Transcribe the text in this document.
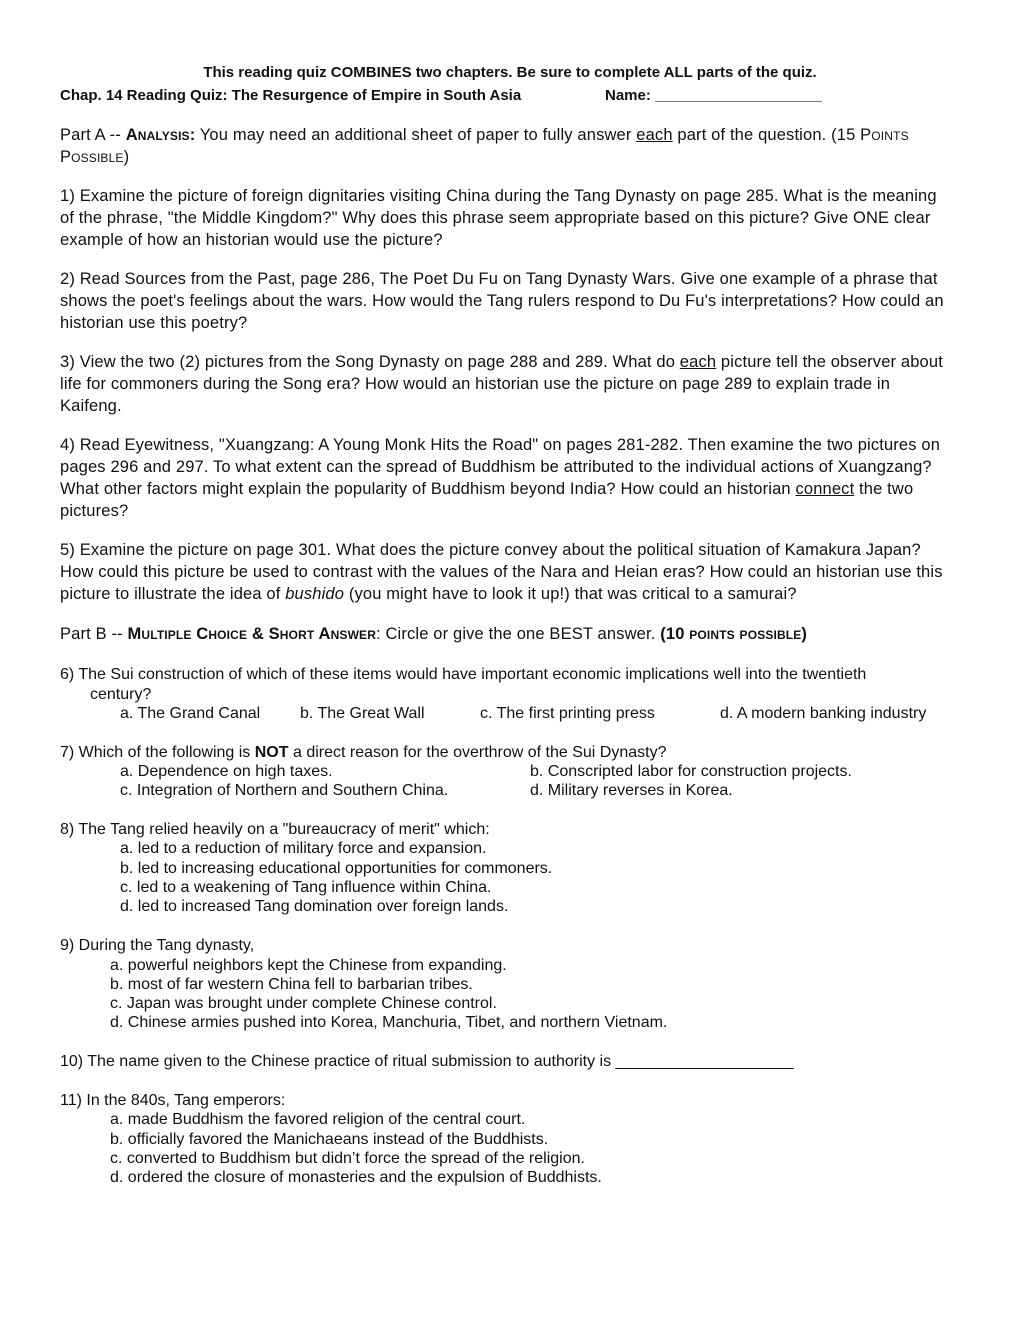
This reading quiz COMBINES two chapters. Be sure to complete ALL parts of the quiz.
Chap. 14 Reading Quiz: The Resurgence of Empire in South Asia	Name: ____________________
Part A -- Analysis: You may need an additional sheet of paper to fully answer each part of the question. (15 Points
Possible)
1) Examine the picture of foreign dignitaries visiting China during the Tang Dynasty on page 285. What is the meaning
of the phrase, "the Middle Kingdom?" Why does this phrase seem appropriate based on this picture? Give ONE clear
example of how an historian would use the picture?
2) Read Sources from the Past, page 286, The Poet Du Fu on Tang Dynasty Wars. Give one example of a phrase that
shows the poet's feelings about the wars. How would the Tang rulers respond to Du Fu's interpretations? How could an
historian use this poetry?
3) View the two (2) pictures from the Song Dynasty on page 288 and 289. What do each picture tell the observer about
life for commoners during the Song era? How would an historian use the picture on page 289 to explain trade in
Kaifeng.
4) Read Eyewitness, "Xuangzang: A Young Monk Hits the Road" on pages 281-282. Then examine the two pictures on
pages 296 and 297. To what extent can the spread of Buddhism be attributed to the individual actions of Xuangzang?
What other factors might explain the popularity of Buddhism beyond India? How could an historian connect the two
pictures?
5) Examine the picture on page 301. What does the picture convey about the political situation of Kamakura Japan?
How could this picture be used to contrast with the values of the Nara and Heian eras? How could an historian use this
picture to illustrate the idea of bushido (you might have to look it up!) that was critical to a samurai?
Part B -- Multiple Choice & Short Answer: Circle or give the one BEST answer. (10 points possible)
6) The Sui construction of which of these items would have important economic implications well into the twentieth
century?
a. The Grand Canal b. The Great Wall	c. The first printing press	d. A modern banking industry
7) Which of the following is NOT a direct reason for the overthrow of the Sui Dynasty?
a. Dependence on high taxes.	b. Conscripted labor for construction projects.
c. Integration of Northern and Southern China.	d. Military reverses in Korea.
8) The Tang relied heavily on a "bureaucracy of merit" which:
a. led to a reduction of military force and expansion.
b. led to increasing educational opportunities for commoners.
c. led to a weakening of Tang influence within China.
d. led to increased Tang domination over foreign lands.
9) During the Tang dynasty,
a. powerful neighbors kept the Chinese from expanding.
b. most of far western China fell to barbarian tribes.
c. Japan was brought under complete Chinese control.
d. Chinese armies pushed into Korea, Manchuria, Tibet, and northern Vietnam.
10) The name given to the Chinese practice of ritual submission to authority is ____________________
11) In the 840s, Tang emperors:
a. made Buddhism the favored religion of the central court.
b. officially favored the Manichaeans instead of the Buddhists.
c. converted to Buddhism but didn’t force the spread of the religion.
d. ordered the closure of monasteries and the expulsion of Buddhists.
